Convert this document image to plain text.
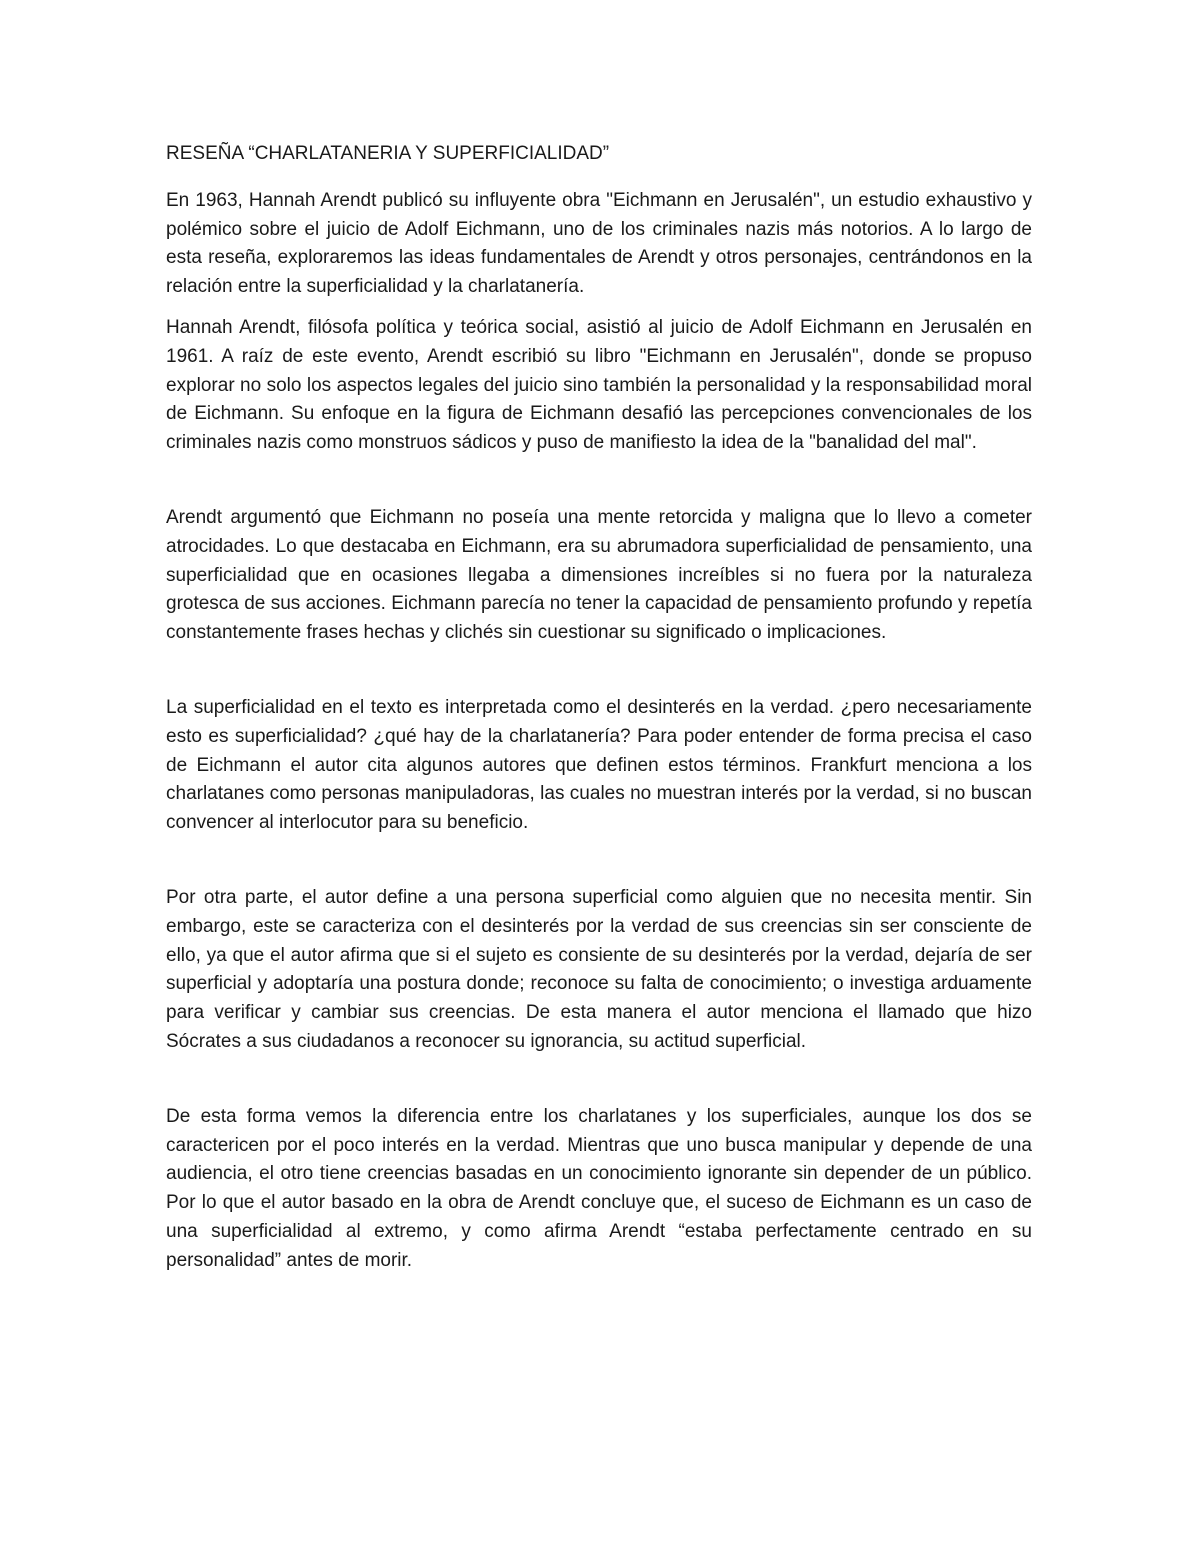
RESEÑA “CHARLATANERIA Y SUPERFICIALIDAD”

En 1963, Hannah Arendt publicó su influyente obra "Eichmann en Jerusalén", un estudio exhaustivo y polémico sobre el juicio de Adolf Eichmann, uno de los criminales nazis más notorios. A lo largo de esta reseña, exploraremos las ideas fundamentales de Arendt y otros personajes, centrándonos en la relación entre la superficialidad y la charlatanería.

Hannah Arendt, filósofa política y teórica social, asistió al juicio de Adolf Eichmann en Jerusalén en 1961. A raíz de este evento, Arendt escribió su libro "Eichmann en Jerusalén", donde se propuso explorar no solo los aspectos legales del juicio sino también la personalidad y la responsabilidad moral de Eichmann. Su enfoque en la figura de Eichmann desafió las percepciones convencionales de los criminales nazis como monstruos sádicos y puso de manifiesto la idea de la "banalidad del mal".

Arendt argumentó que Eichmann no poseía una mente retorcida y maligna que lo llevo a cometer atrocidades. Lo que destacaba en Eichmann, era su abrumadora superficialidad de pensamiento, una superficialidad que en ocasiones llegaba a dimensiones increíbles si no fuera por la naturaleza grotesca de sus acciones. Eichmann parecía no tener la capacidad de pensamiento profundo y repetía constantemente frases hechas y clichés sin cuestionar su significado o implicaciones.

La superficialidad en el texto es interpretada como el desinterés en la verdad. ¿pero necesariamente esto es superficialidad? ¿qué hay de la charlatanería? Para poder entender de forma precisa el caso de Eichmann el autor cita algunos autores que definen estos términos. Frankfurt menciona a los charlatanes como personas manipuladoras, las cuales no muestran interés por la verdad, si no buscan convencer al interlocutor para su beneficio.

Por otra parte, el autor define a una persona superficial como alguien que no necesita mentir. Sin embargo, este se caracteriza con el desinterés por la verdad de sus creencias sin ser consciente de ello, ya que el autor afirma que si el sujeto es consiente de su desinterés por la verdad, dejaría de ser superficial y adoptaría una postura donde; reconoce su falta de conocimiento; o investiga arduamente para verificar y cambiar sus creencias. De esta manera el autor menciona el llamado que hizo Sócrates a sus ciudadanos a reconocer su ignorancia, su actitud superficial.

De esta forma vemos la diferencia entre los charlatanes y los superficiales, aunque los dos se caractericen por el poco interés en la verdad. Mientras que uno busca manipular y depende de una audiencia, el otro tiene creencias basadas en un conocimiento ignorante sin depender de un público. Por lo que el autor basado en la obra de Arendt concluye que, el suceso de Eichmann es un caso de una superficialidad al extremo, y como afirma Arendt “estaba perfectamente centrado en su personalidad” antes de morir.
